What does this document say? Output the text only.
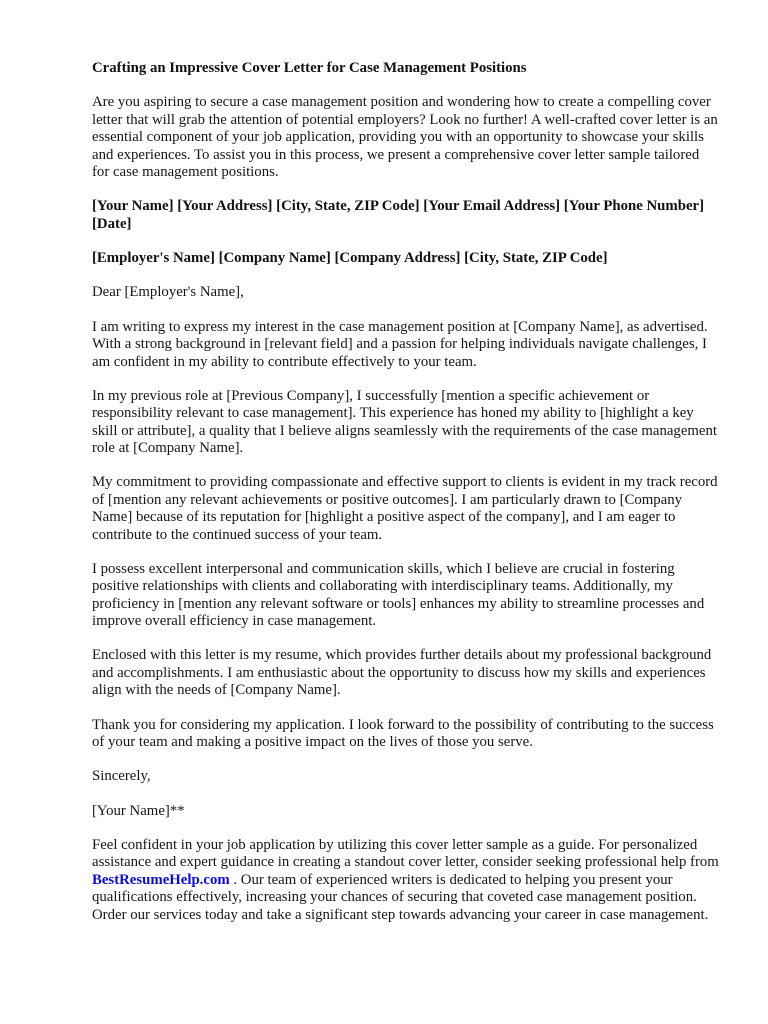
Crafting an Impressive Cover Letter for Case Management Positions

Are you aspiring to secure a case management position and wondering how to create a compelling cover letter that will grab the attention of potential employers? Look no further! A well-crafted cover letter is an essential component of your job application, providing you with an opportunity to showcase your skills and experiences. To assist you in this process, we present a comprehensive cover letter sample tailored for case management positions.

[Your Name] [Your Address] [City, State, ZIP Code] [Your Email Address] [Your Phone Number] [Date]

[Employer's Name] [Company Name] [Company Address] [City, State, ZIP Code]

Dear [Employer's Name],

I am writing to express my interest in the case management position at [Company Name], as advertised. With a strong background in [relevant field] and a passion for helping individuals navigate challenges, I am confident in my ability to contribute effectively to your team.

In my previous role at [Previous Company], I successfully [mention a specific achievement or responsibility relevant to case management]. This experience has honed my ability to [highlight a key skill or attribute], a quality that I believe aligns seamlessly with the requirements of the case management role at [Company Name].

My commitment to providing compassionate and effective support to clients is evident in my track record of [mention any relevant achievements or positive outcomes]. I am particularly drawn to [Company Name] because of its reputation for [highlight a positive aspect of the company], and I am eager to contribute to the continued success of your team.

I possess excellent interpersonal and communication skills, which I believe are crucial in fostering positive relationships with clients and collaborating with interdisciplinary teams. Additionally, my proficiency in [mention any relevant software or tools] enhances my ability to streamline processes and improve overall efficiency in case management.

Enclosed with this letter is my resume, which provides further details about my professional background and accomplishments. I am enthusiastic about the opportunity to discuss how my skills and experiences align with the needs of [Company Name].

Thank you for considering my application. I look forward to the possibility of contributing to the success of your team and making a positive impact on the lives of those you serve.

Sincerely,

[Your Name]**

Feel confident in your job application by utilizing this cover letter sample as a guide. For personalized assistance and expert guidance in creating a standout cover letter, consider seeking professional help from BestResumeHelp.com . Our team of experienced writers is dedicated to helping you present your qualifications effectively, increasing your chances of securing that coveted case management position. Order our services today and take a significant step towards advancing your career in case management.
